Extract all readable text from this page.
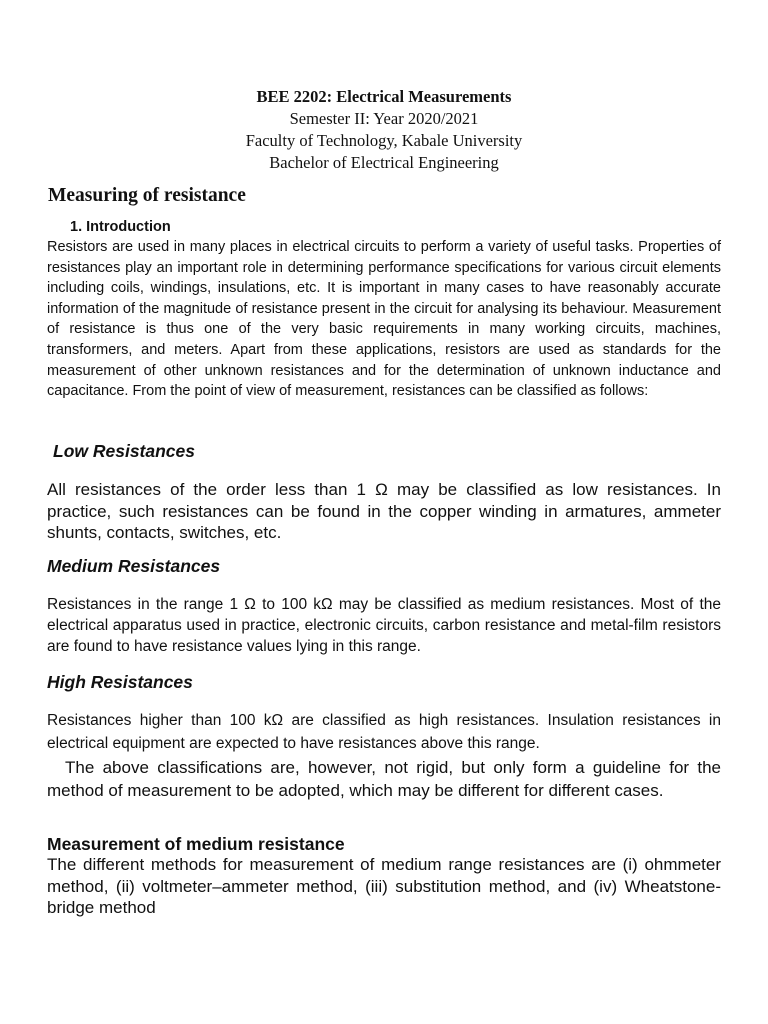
BEE 2202: Electrical Measurements
Semester II: Year 2020/2021
Faculty of Technology, Kabale University
Bachelor of Electrical Engineering
Measuring of resistance
1. Introduction
Resistors are used in many places in electrical circuits to perform a variety of useful tasks. Properties of resistances play an important role in determining performance specifications for various circuit elements including coils, windings, insulations, etc. It is important in many cases to have reasonably accurate information of the magnitude of resistance present in the circuit for analysing its behaviour. Measurement of resistance is thus one of the very basic requirements in many working circuits, machines, transformers, and meters. Apart from these applications, resistors are used as standards for the measurement of other unknown resistances and for the determination of unknown inductance and capacitance. From the point of view of measurement, resistances can be classified as follows:
Low Resistances
All resistances of the order less than 1 Ω may be classified as low resistances. In practice, such resistances can be found in the copper winding in armatures, ammeter shunts, contacts, switches, etc.
Medium Resistances
Resistances in the range 1 Ω to 100 kΩ may be classified as medium resistances. Most of the electrical apparatus used in practice, electronic circuits, carbon resistance and metal-film resistors are found to have resistance values lying in this range.
High Resistances
Resistances higher than 100 kΩ are classified as high resistances. Insulation resistances in electrical equipment are expected to have resistances above this range.
The above classifications are, however, not rigid, but only form a guideline for the method of measurement to be adopted, which may be different for different cases.
Measurement of medium resistance
The different methods for measurement of medium range resistances are (i) ohmmeter method, (ii) voltmeter–ammeter method, (iii) substitution method, and (iv) Wheatstone-bridge method
